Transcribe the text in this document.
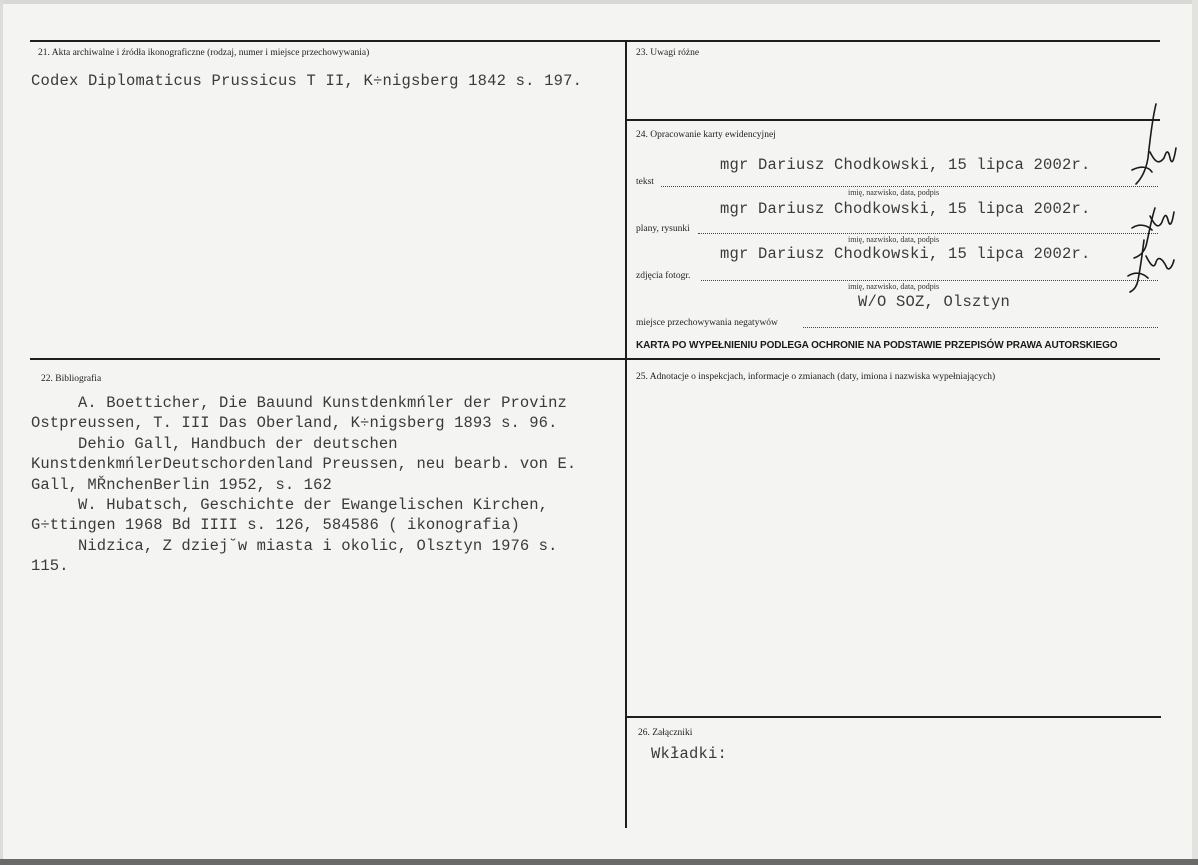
21. Akta archiwalne i źródła ikonograficzne (rodzaj, numer i miejsce przechowywania)
Codex Diplomaticus Prussicus T II, K÷nigsberg 1842 s. 197.
23. Uwagi różne
24. Opracowanie karty ewidencyjnej
mgr Dariusz Chodkowski, 15 lipca 2002r.
tekst
imię, nazwisko, data, podpis
mgr Dariusz Chodkowski, 15 lipca 2002r.
plany, rysunki
imię, nazwisko, data, podpis
mgr Dariusz Chodkowski, 15 lipca 2002r.
zdjęcia fotogr.
imię, nazwisko, data, podpis
W/O SOZ, Olsztyn
miejsce przechowywania negatywów
KARTA PO WYPEŁNIENIU PODLEGA OCHRONIE NA PODSTAWIE PRZEPISÓW PRAWA AUTORSKIEGO
22. Bibliografia
A. Boetticher, Die Bauund Kunstdenkmńler der Provinz
Ostpreussen, T. III Das Oberland, K÷nigsberg 1893 s. 96.
Dehio Gall, Handbuch der deutschen
KunstdenkmńlerDeutschordenland Preussen, neu bearb. von E.
Gall, MŘnchenBerlin 1952, s. 162
W. Hubatsch, Geschichte der Ewangelischen Kirchen,
G÷ttingen 1968 Bd IIII s. 126, 584586 ( ikonografia)
Nidzica, Z dziej˘w miasta i okolic, Olsztyn 1976 s.
115.
25. Adnotacje o inspekcjach, informacje o zmianach (daty, imiona i nazwiska wypełniających)
26. Załączniki
Wkładki:
